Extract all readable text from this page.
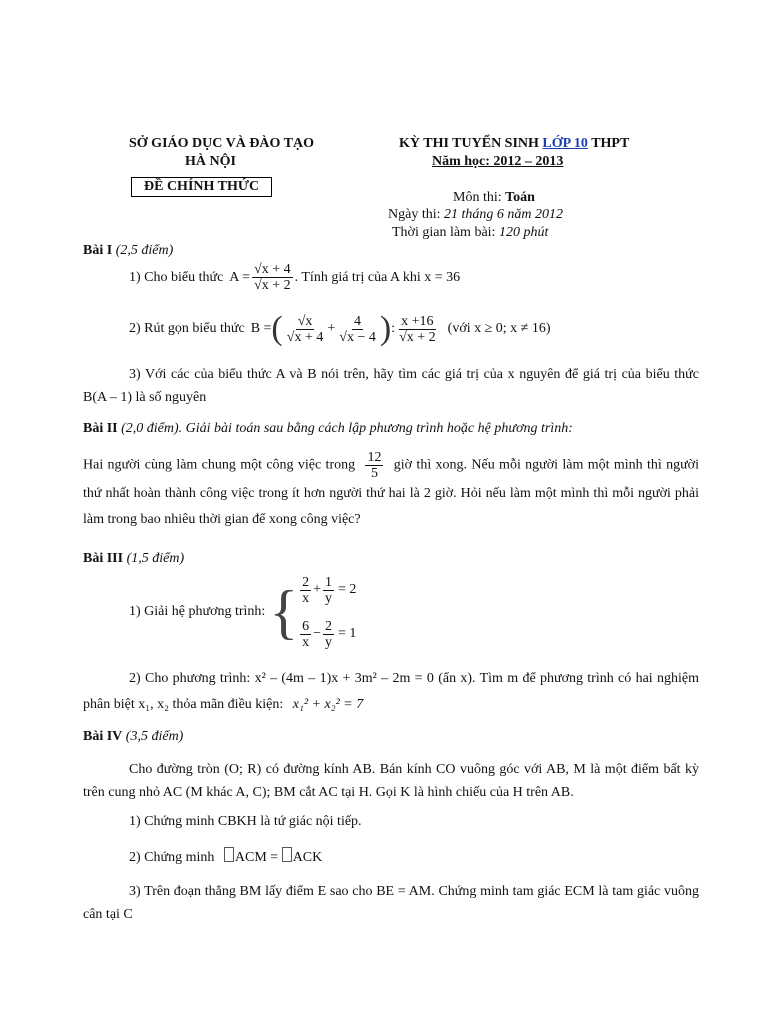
SỞ GIÁO DỤC VÀ ĐÀO TẠO
HÀ NỘI
ĐỀ CHÍNH THỨC
KỲ THI TUYỂN SINH LỚP 10 THPT
Năm học: 2012 – 2013
Môn thi: Toán
Ngày thi: 21 tháng 6 năm 2012
Thời gian làm bài: 120 phút
Bài I (2,5 điểm)
1) Cho biểu thức $A = \frac{√x + 4}{√x + 2}$ . Tính giá trị của A khi x = 36
2) Rút gọn biểu thức B = ( $\frac{√x}{√x + 4} + \frac{4}{√x - 4}$ ) : $\frac{x +16}{√x + 2}$ (với x ≥ 0; x ≠ 16)
3) Với các của biểu thức A và B nói trên, hãy tìm các giá trị của x nguyên để giá trị của biểu thức B(A – 1) là số nguyên
Bài II (2,0 điểm). Giải bài toán sau bằng cách lập phương trình hoặc hệ phương trình:
Hai người cùng làm chung một công việc trong $\frac{12}{5}$ giờ thì xong. Nếu mỗi người làm một mình thì người thứ nhất hoàn thành công việc trong ít hơn người thứ hai là 2 giờ. Hỏi nếu làm một mình thì mỗi người phải làm trong bao nhiêu thời gian để xong công việc?
Bài III (1,5 điểm)
1) Giải hệ phương trình: { $\frac{2}{x} + \frac{1}{y} = 2$
$\frac{6}{x} - \frac{2}{y} = 1$
2) Cho phương trình: x² – (4m – 1)x + 3m² – 2m = 0 (ẩn x). Tìm m để phương trình có hai nghiệm phân biệt x₁, x₂ thỏa mãn điều kiện: x₁² + x₂² = 7
Bài IV (3,5 điểm)
Cho đường tròn (O; R) có đường kính AB. Bán kính CO vuông góc với AB, M là một điểm bất kỳ trên cung nhỏ AC (M khác A, C); BM cắt AC tại H. Gọi K là hình chiếu của H trên AB.
1) Chứng minh CBKH là tứ giác nội tiếp.
2) Chứng minh ACM = ACK
3) Trên đoạn thẳng BM lấy điểm E sao cho BE = AM. Chứng minh tam giác ECM là tam giác vuông cân tại C
